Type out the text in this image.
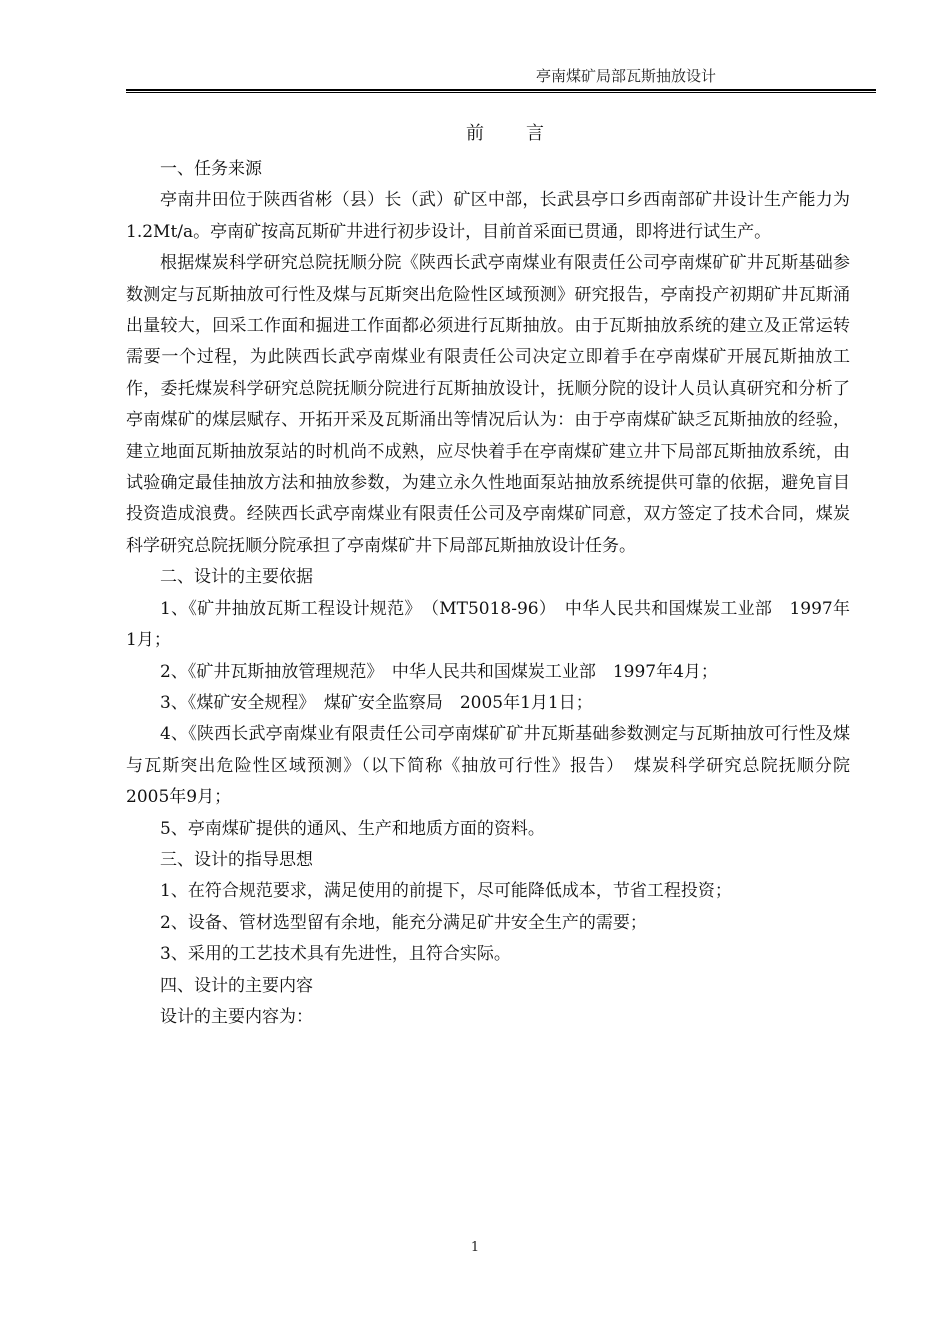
亭南煤矿局部瓦斯抽放设计
前言

一、任务来源

亭南井田位于陕西省彬（县）长（武）矿区中部，长武县亭口乡西南部矿井设计生产能力为1.2Mt/a。亭南矿按高瓦斯矿井进行初步设计，目前首采面已贯通，即将进行试生产。

根据煤炭科学研究总院抚顺分院《陕西长武亭南煤业有限责任公司亭南煤矿矿井瓦斯基础参数测定与瓦斯抽放可行性及煤与瓦斯突出危险性区域预测》研究报告，亭南投产初期矿井瓦斯涌出量较大，回采工作面和掘进工作面都必须进行瓦斯抽放。由于瓦斯抽放系统的建立及正常运转需要一个过程，为此陕西长武亭南煤业有限责任公司决定立即着手在亭南煤矿开展瓦斯抽放工作，委托煤炭科学研究总院抚顺分院进行瓦斯抽放设计，抚顺分院的设计人员认真研究和分析了亭南煤矿的煤层赋存、开拓开采及瓦斯涌出等情况后认为：由于亭南煤矿缺乏瓦斯抽放的经验，建立地面瓦斯抽放泵站的时机尚不成熟，应尽快着手在亭南煤矿建立井下局部瓦斯抽放系统，由试验确定最佳抽放方法和抽放参数，为建立永久性地面泵站抽放系统提供可靠的依据，避免盲目投资造成浪费。经陕西长武亭南煤业有限责任公司及亭南煤矿同意，双方签定了技术合同，煤炭科学研究总院抚顺分院承担了亭南煤矿井下局部瓦斯抽放设计任务。

二、设计的主要依据

1、《矿井抽放瓦斯工程设计规范》　（MT5018-96）　中华人民共和国煤炭工业部　1997年1月；

2、《矿井瓦斯抽放管理规范》　中华人民共和国煤炭工业部　1997年4月；

3、《煤矿安全规程》　煤矿安全监察局　2005年1月1日；

4、《陕西长武亭南煤业有限责任公司亭南煤矿矿井瓦斯基础参数测定与瓦斯抽放可行性及煤与瓦斯突出危险性区域预测》（以下简称《抽放可行性》报告）　煤炭科学研究总院抚顺分院　2005年9月；

5、亭南煤矿提供的通风、生产和地质方面的资料。

三、设计的指导思想

1、在符合规范要求，满足使用的前提下，尽可能降低成本，节省工程投资；

2、设备、管材选型留有余地，能充分满足矿井安全生产的需要；

3、采用的工艺技术具有先进性，且符合实际。

四、设计的主要内容

设计的主要内容为：

1
